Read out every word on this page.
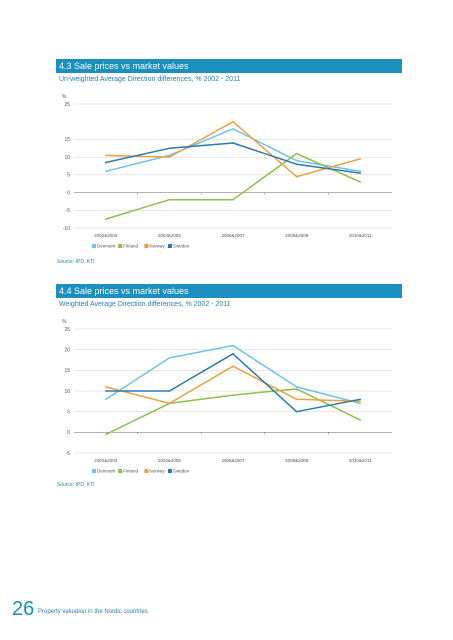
4.3 Sale prices vs market values
Un-weighted Average Direction differences, % 2002 - 2011
%
25
15
10
5
0
-5
-10
2002&2003	2004&2005	2006&2007	2008&2009	2010&2011
Denmark Finland	Norway Sweden
Source: IPD, KTI
4.4 Sale prices vs market values
Weighted Average Direction differences, % 2002 - 2011
%
25
20
15
10
5
0
-5
2002&2003	2004&2005	2006&2007	2008&2009	2010&2011
Denmark Finland	Norway Sweden
Source: IPD, KTI
26 Property valuation in the Nordic countries
